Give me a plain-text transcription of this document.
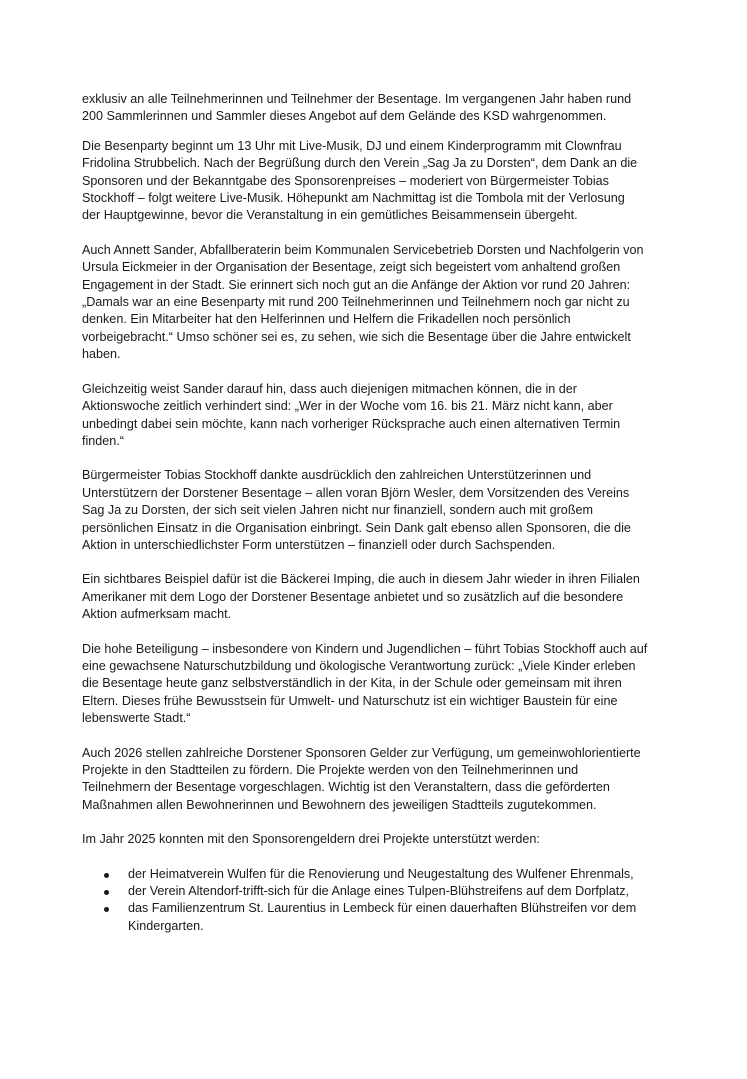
exklusiv an alle Teilnehmerinnen und Teilnehmer der Besentage. Im vergangenen Jahr haben rund
200 Sammlerinnen und Sammler dieses Angebot auf dem Gelände des KSD wahrgenommen.

Die Besenparty beginnt um 13 Uhr mit Live-Musik, DJ und einem Kinderprogramm mit Clownfrau
Fridolina Strubbelich. Nach der Begrüßung durch den Verein „Sag Ja zu Dorsten“, dem Dank an die
Sponsoren und der Bekanntgabe des Sponsorenpreises – moderiert von Bürgermeister Tobias
Stockhoff – folgt weitere Live-Musik. Höhepunkt am Nachmittag ist die Tombola mit der Verlosung
der Hauptgewinne, bevor die Veranstaltung in ein gemütliches Beisammensein übergeht.

Auch Annett Sander, Abfallberaterin beim Kommunalen Servicebetrieb Dorsten und Nachfolgerin von
Ursula Eickmeier in der Organisation der Besentage, zeigt sich begeistert vom anhaltend großen
Engagement in der Stadt. Sie erinnert sich noch gut an die Anfänge der Aktion vor rund 20 Jahren:
„Damals war an eine Besenparty mit rund 200 Teilnehmerinnen und Teilnehmern noch gar nicht zu
denken. Ein Mitarbeiter hat den Helferinnen und Helfern die Frikadellen noch persönlich
vorbeigebracht.“ Umso schöner sei es, zu sehen, wie sich die Besentage über die Jahre entwickelt
haben.

Gleichzeitig weist Sander darauf hin, dass auch diejenigen mitmachen können, die in der
Aktionswoche zeitlich verhindert sind: „Wer in der Woche vom 16. bis 21. März nicht kann, aber
unbedingt dabei sein möchte, kann nach vorheriger Rücksprache auch einen alternativen Termin
finden.“

Bürgermeister Tobias Stockhoff dankte ausdrücklich den zahlreichen Unterstützerinnen und
Unterstützern der Dorstener Besentage – allen voran Björn Wesler, dem Vorsitzenden des Vereins
Sag Ja zu Dorsten, der sich seit vielen Jahren nicht nur finanziell, sondern auch mit großem
persönlichen Einsatz in die Organisation einbringt. Sein Dank galt ebenso allen Sponsoren, die die
Aktion in unterschiedlichster Form unterstützen – finanziell oder durch Sachspenden.

Ein sichtbares Beispiel dafür ist die Bäckerei Imping, die auch in diesem Jahr wieder in ihren Filialen
Amerikaner mit dem Logo der Dorstener Besentage anbietet und so zusätzlich auf die besondere
Aktion aufmerksam macht.

Die hohe Beteiligung – insbesondere von Kindern und Jugendlichen – führt Tobias Stockhoff auch auf
eine gewachsene Naturschutzbildung und ökologische Verantwortung zurück: „Viele Kinder erleben
die Besentage heute ganz selbstverständlich in der Kita, in der Schule oder gemeinsam mit ihren
Eltern. Dieses frühe Bewusstsein für Umwelt- und Naturschutz ist ein wichtiger Baustein für eine
lebenswerte Stadt.“

Auch 2026 stellen zahlreiche Dorstener Sponsoren Gelder zur Verfügung, um gemeinwohlorientierte
Projekte in den Stadtteilen zu fördern. Die Projekte werden von den Teilnehmerinnen und
Teilnehmern der Besentage vorgeschlagen. Wichtig ist den Veranstaltern, dass die geförderten
Maßnahmen allen Bewohnerinnen und Bewohnern des jeweiligen Stadtteils zugutekommen.

Im Jahr 2025 konnten mit den Sponsorengeldern drei Projekte unterstützt werden:

der Heimatverein Wulfen für die Renovierung und Neugestaltung des Wulfener Ehrenmals,
der Verein Altendorf-trifft-sich für die Anlage eines Tulpen-Blühstreifens auf dem Dorfplatz,
das Familienzentrum St. Laurentius in Lembeck für einen dauerhaften Blühstreifen vor dem
Kindergarten.
